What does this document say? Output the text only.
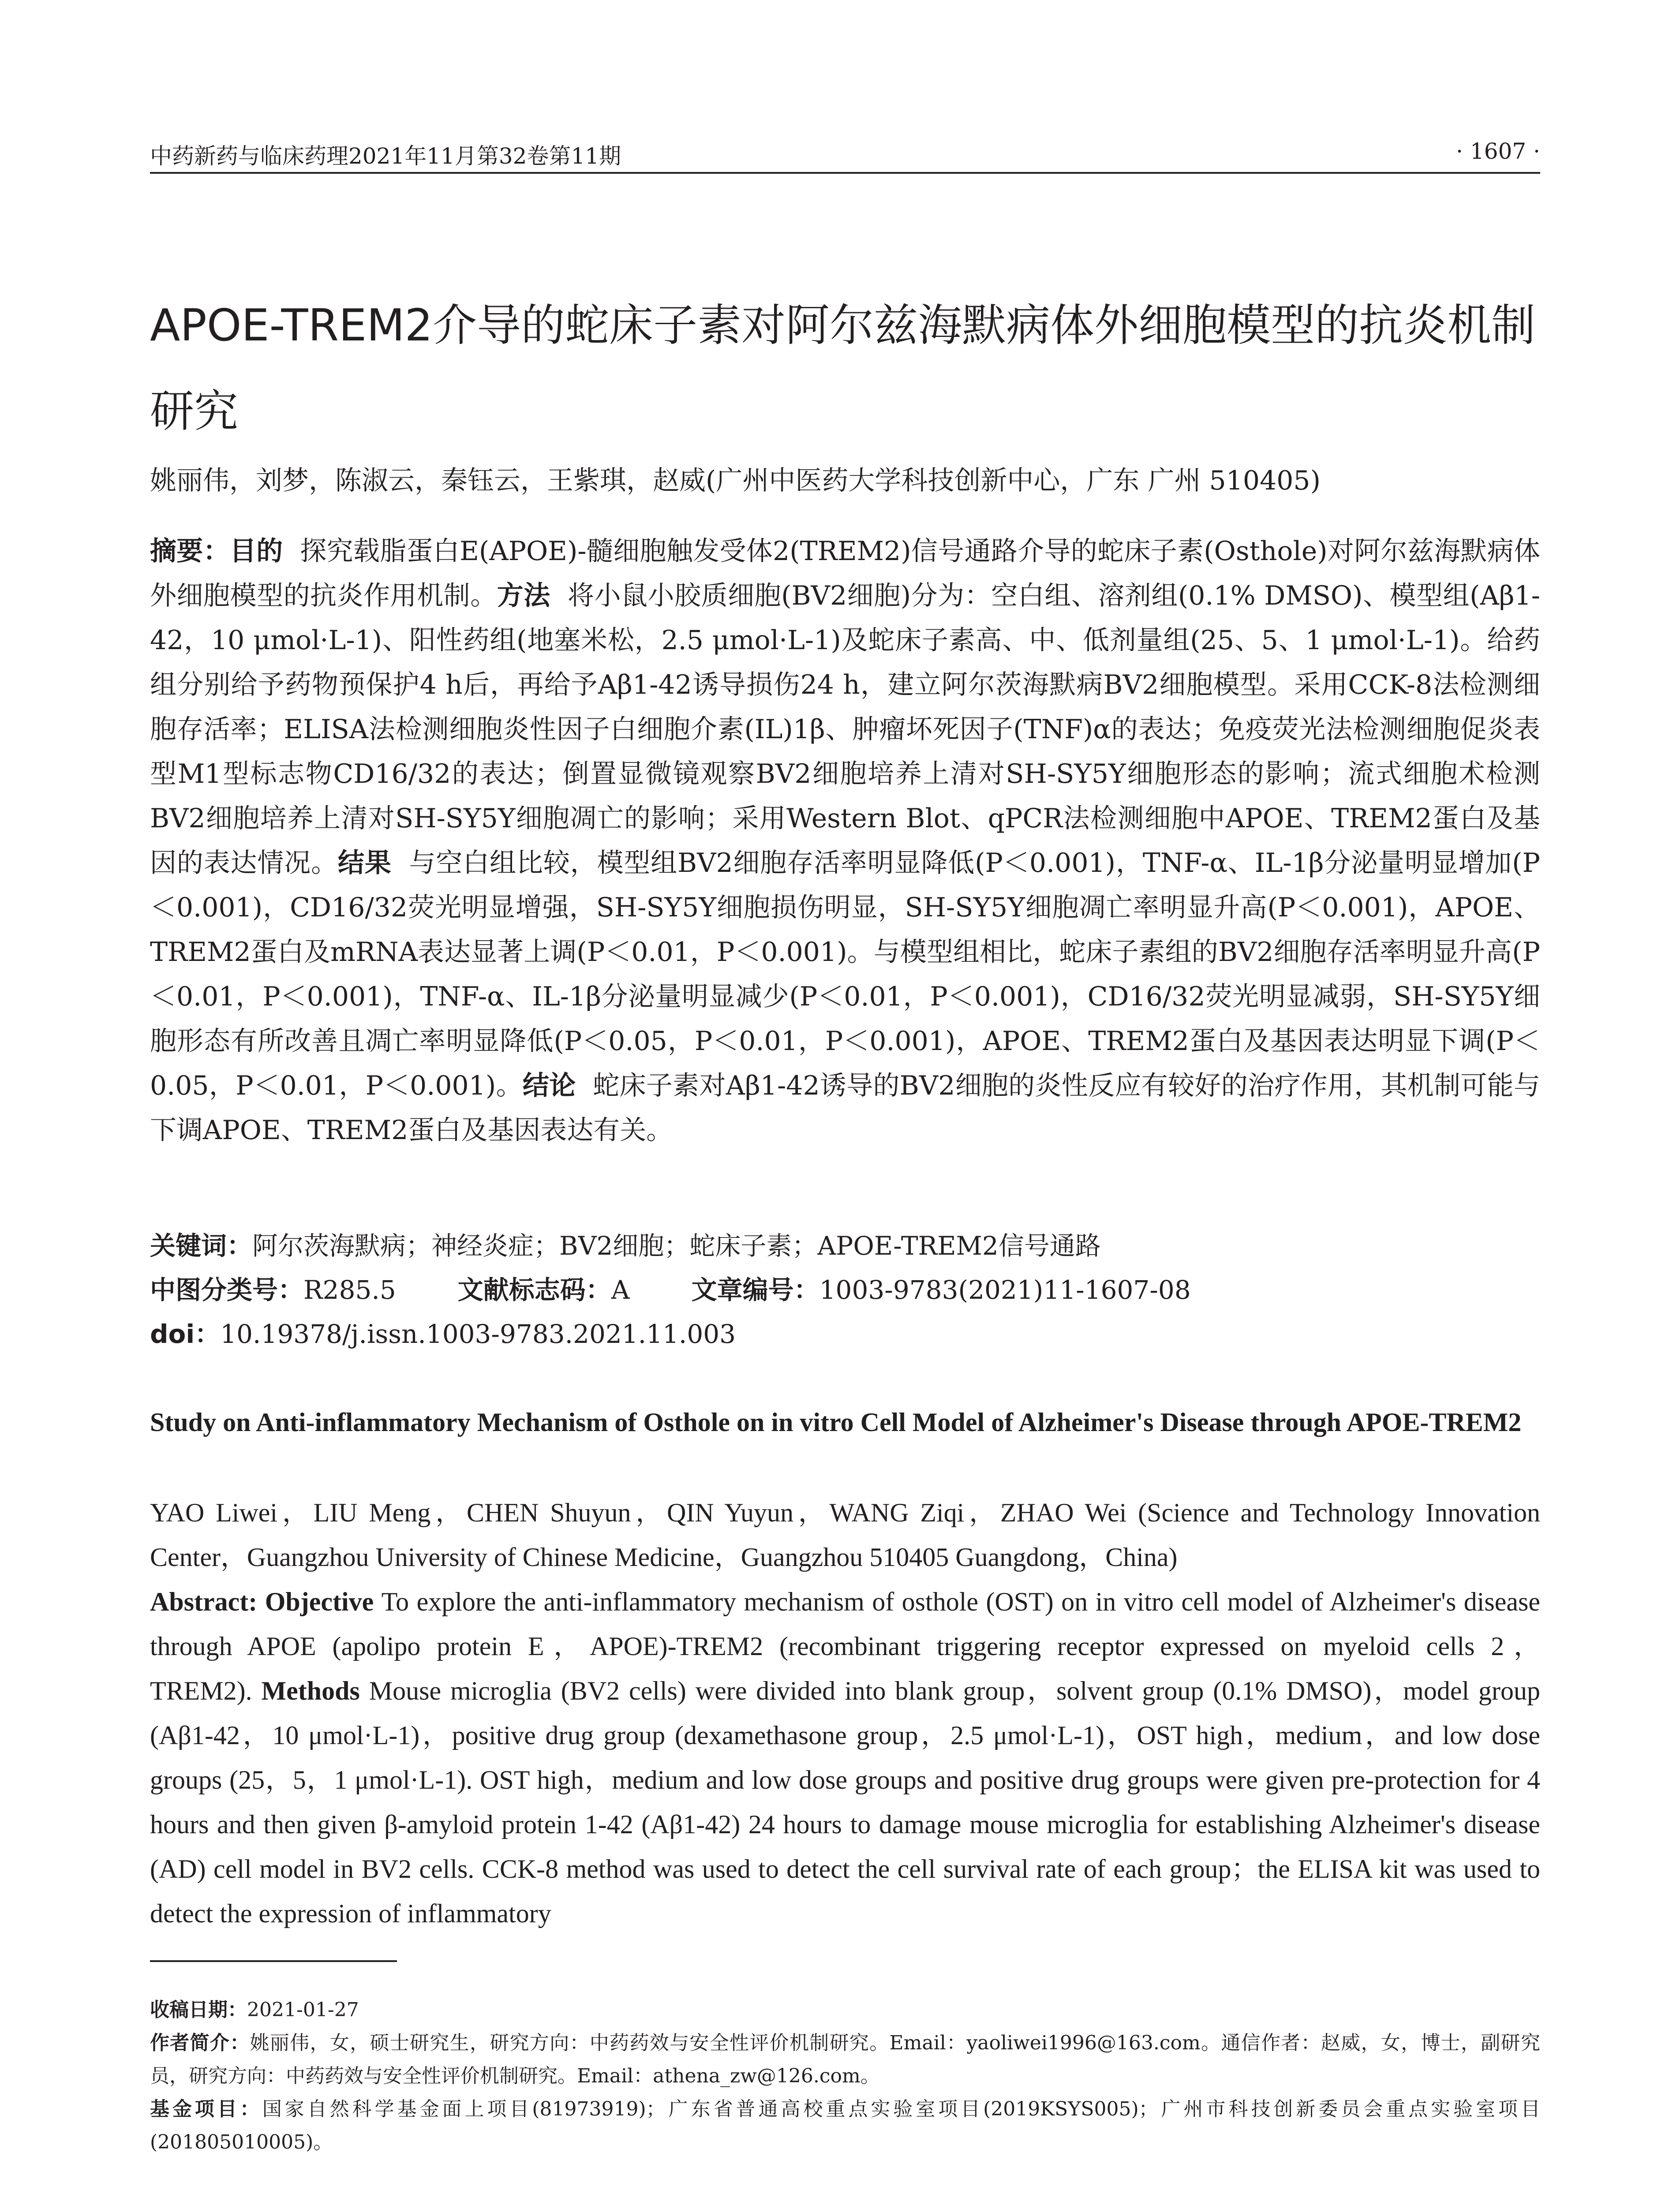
中药新药与临床药理2021年11月第32卷第11期	· 1607 ·
APOE-TREM2介导的蛇床子素对阿尔兹海默病体外细胞模型的抗炎机制研究
姚丽伟，刘梦，陈淑云，秦钰云，王紫琪，赵威(广州中医药大学科技创新中心，广东 广州 510405)
摘要：目的 探究载脂蛋白E(APOE)-髓细胞触发受体2(TREM2)信号通路介导的蛇床子素(Osthole)对阿尔兹海默病体外细胞模型的抗炎作用机制。方法 将小鼠小胶质细胞(BV2细胞)分为：空白组、溶剂组(0.1% DMSO)、模型组(Aβ1-42，10 μmol·L-1)、阳性药组(地塞米松，2.5 μmol·L-1)及蛇床子素高、中、低剂量组(25、5、1 μmol·L-1)。给药组分别给予药物预保护4 h后，再给予Aβ1-42诱导损伤24 h，建立阿尔茨海默病BV2细胞模型。采用CCK-8法检测细胞存活率；ELISA法检测细胞炎性因子白细胞介素(IL)1β、肿瘤坏死因子(TNF)α的表达；免疫荧光法检测细胞促炎表型M1型标志物CD16/32的表达；倒置显微镜观察BV2细胞培养上清对SH-SY5Y细胞形态的影响；流式细胞术检测BV2细胞培养上清对SH-SY5Y细胞凋亡的影响；采用Western Blot、qPCR法检测细胞中APOE、TREM2蛋白及基因的表达情况。结果 与空白组比较，模型组BV2细胞存活率明显降低(P＜0.001)，TNF-α、IL-1β分泌量明显增加(P＜0.001)，CD16/32荧光明显增强，SH-SY5Y细胞损伤明显，SH-SY5Y细胞凋亡率明显升高(P＜0.001)，APOE、TREM2蛋白及mRNA表达显著上调(P＜0.01，P＜0.001)。与模型组相比，蛇床子素组的BV2细胞存活率明显升高(P＜0.01，P＜0.001)，TNF-α、IL-1β分泌量明显减少(P＜0.01，P＜0.001)，CD16/32荧光明显减弱，SH-SY5Y细胞形态有所改善且凋亡率明显降低(P＜0.05，P＜0.01，P＜0.001)，APOE、TREM2蛋白及基因表达明显下调(P＜0.05，P＜0.01，P＜0.001)。结论 蛇床子素对Aβ1-42诱导的BV2细胞的炎性反应有较好的治疗作用，其机制可能与下调APOE、TREM2蛋白及基因表达有关。
关键词：阿尔茨海默病；神经炎症；BV2细胞；蛇床子素；APOE-TREM2信号通路
中图分类号：R285.5 文献标志码：A 文章编号：1003-9783(2021)11-1607-08
doi：10.19378/j.issn.1003-9783.2021.11.003
Study on Anti-inflammatory Mechanism of Osthole on in vitro Cell Model of Alzheimer's Disease through APOE-TREM2
YAO Liwei，LIU Meng，CHEN Shuyun，QIN Yuyun，WANG Ziqi，ZHAO Wei (Science and Technology Innovation Center，Guangzhou University of Chinese Medicine，Guangzhou 510405 Guangdong，China)
Abstract: Objective To explore the anti-inflammatory mechanism of osthole (OST) on in vitro cell model of Alzheimer's disease through APOE (apolipo protein E，APOE)-TREM2 (recombinant triggering receptor expressed on myeloid cells 2，TREM2). Methods Mouse microglia (BV2 cells) were divided into blank group，solvent group (0.1% DMSO)，model group (Aβ1-42，10 μmol·L-1)，positive drug group (dexamethasone group，2.5 μmol·L-1)，OST high，medium，and low dose groups (25，5，1 μmol·L-1). OST high，medium and low dose groups and positive drug groups were given pre-protection for 4 hours and then given β-amyloid protein 1-42 (Aβ1-42) 24 hours to damage mouse microglia for establishing Alzheimer's disease (AD) cell model in BV2 cells. CCK-8 method was used to detect the cell survival rate of each group；the ELISA kit was used to detect the expression of inflammatory
收稿日期：2021-01-27
作者简介：姚丽伟，女，硕士研究生，研究方向：中药药效与安全性评价机制研究。Email：yaoliwei1996@163.com。通信作者：赵威，女，博士，副研究员，研究方向：中药药效与安全性评价机制研究。Email：athena_zw@126.com。
基金项目：国家自然科学基金面上项目(81973919)；广东省普通高校重点实验室项目(2019KSYS005)；广州市科技创新委员会重点实验室项目(201805010005)。
